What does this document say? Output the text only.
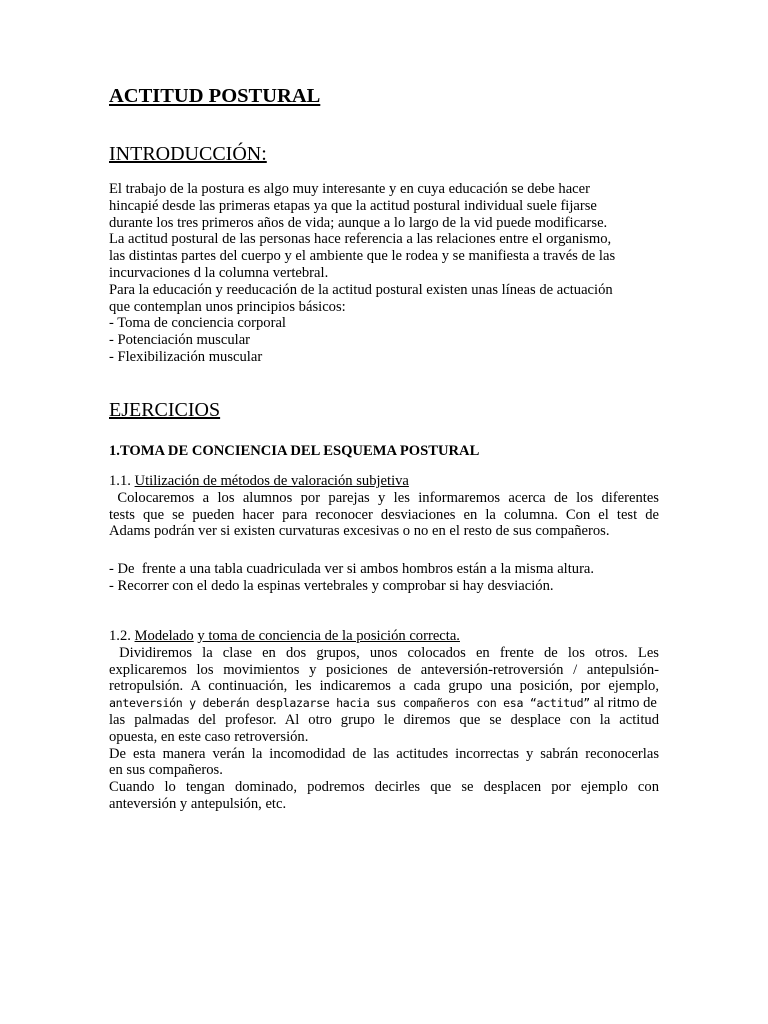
ACTITUD POSTURAL

INTRODUCCIÓN:

El trabajo de la postura es algo muy interesante y en cuya educación se debe hacer
hincapié desde las primeras etapas ya que la actitud postural individual suele fijarse
durante los tres primeros años de vida; aunque a lo largo de la vid puede modificarse.
La actitud postural de las personas hace referencia a las relaciones entre el organismo,
las distintas partes del cuerpo y el ambiente que le rodea y se manifiesta a través de las
incurvaciones d la columna vertebral.
Para la educación y reeducación de la actitud postural existen unas líneas de actuación
que contemplan unos principios básicos:
- Toma de conciencia corporal
- Potenciación muscular
- Flexibilización muscular

EJERCICIOS

1.TOMA DE CONCIENCIA DEL ESQUEMA POSTURAL

1.1. Utilización de métodos de valoración subjetiva
Colocaremos a los alumnos por parejas y les informaremos acerca de los diferentes
tests que se pueden hacer para reconocer desviaciones en la columna. Con el test de
Adams podrán ver si existen curvaturas excesivas o no en el resto de sus compañeros.
- De  frente a una tabla cuadriculada ver si ambos hombros están a la misma altura.
- Recorrer con el dedo la espinas vertebrales y comprobar si hay desviación.
1.2. Modelado y toma de conciencia de la posición correcta.
Dividiremos la clase en dos grupos, unos colocados en frente de los otros. Les
explicaremos los movimientos y posiciones de anteversión-retroversión / antepulsión-
retropulsión. A continuación, les indicaremos a cada grupo una posición, por ejemplo,
anteversión y deberán desplazarse hacia sus compañeros con esa “actitud” al ritmo de
las palmadas del profesor. Al otro grupo le diremos que se desplace con la actitud
opuesta, en este caso retroversión.
De esta manera verán la incomodidad de las actitudes incorrectas y sabrán reconocerlas
en sus compañeros.
Cuando lo tengan dominado, podremos decirles que se desplacen por ejemplo con
anteversión y antepulsión, etc.
